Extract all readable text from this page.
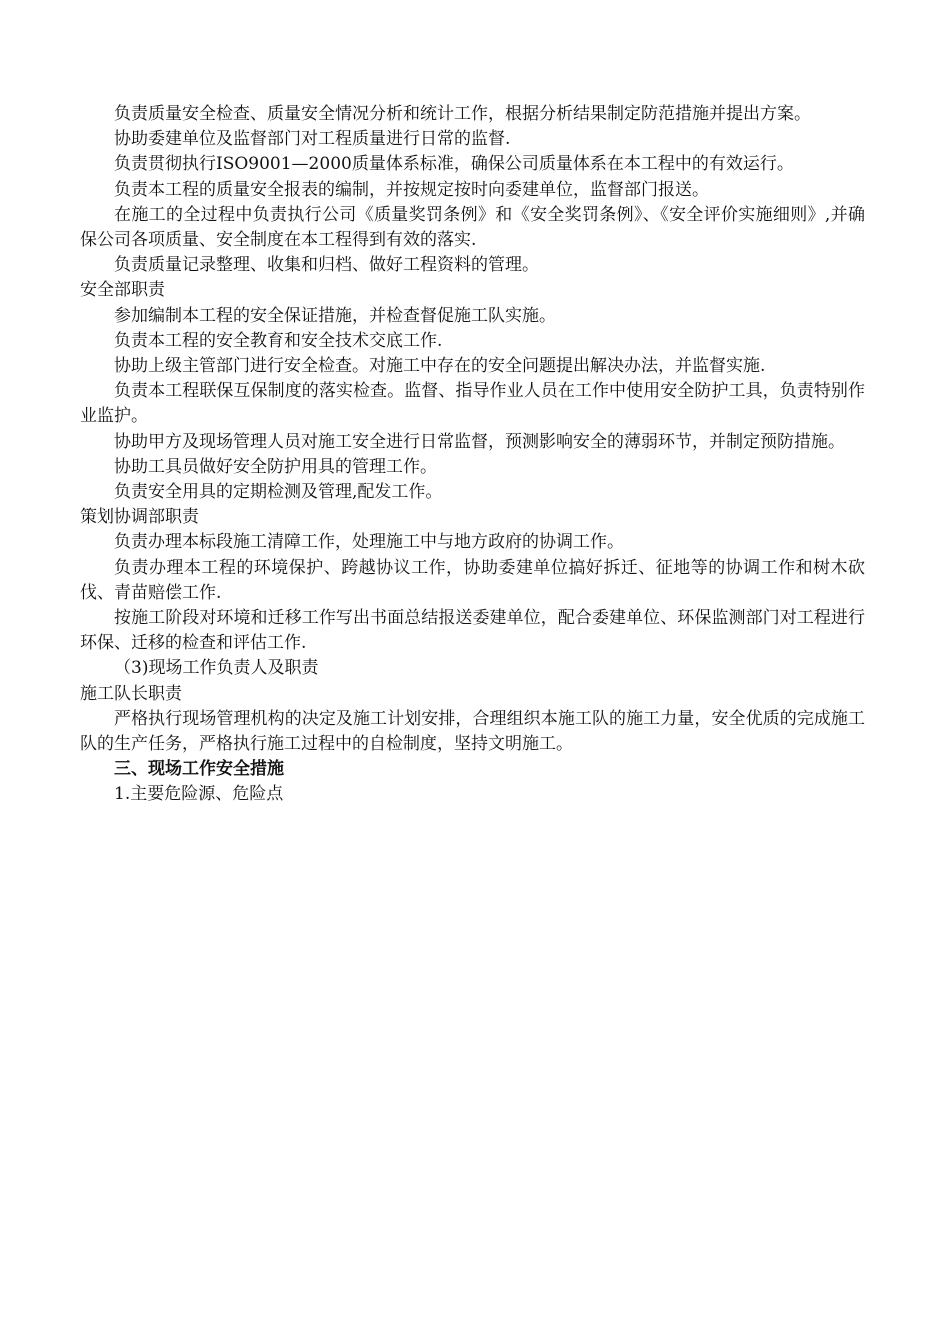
负责质量安全检查、质量安全情况分析和统计工作，根据分析结果制定防范措施并提出方案。

协助委建单位及监督部门对工程质量进行日常的监督.

负责贯彻执行ISO9001—2000质量体系标准，确保公司质量体系在本工程中的有效运行。

负责本工程的质量安全报表的编制，并按规定按时向委建单位，监督部门报送。

在施工的全过程中负责执行公司《质量奖罚条例》和《安全奖罚条例》、《安全评价实施细则》,并确保公司各项质量、安全制度在本工程得到有效的落实.

负责质量记录整理、收集和归档、做好工程资料的管理。

安全部职责

参加编制本工程的安全保证措施，并检查督促施工队实施。

负责本工程的安全教育和安全技术交底工作.

协助上级主管部门进行安全检查。对施工中存在的安全问题提出解决办法，并监督实施.

负责本工程联保互保制度的落实检查。监督、指导作业人员在工作中使用安全防护工具，负责特别作业监护。

协助甲方及现场管理人员对施工安全进行日常监督，预测影响安全的薄弱环节，并制定预防措施。

协助工具员做好安全防护用具的管理工作。

负责安全用具的定期检测及管理,配发工作。

策划协调部职责

负责办理本标段施工清障工作，处理施工中与地方政府的协调工作。

负责办理本工程的环境保护、跨越协议工作，协助委建单位搞好拆迁、征地等的协调工作和树木砍伐、青苗赔偿工作.

按施工阶段对环境和迁移工作写出书面总结报送委建单位，配合委建单位、环保监测部门对工程进行环保、迁移的检查和评估工作.

（3)现场工作负责人及职责

施工队长职责

严格执行现场管理机构的决定及施工计划安排，合理组织本施工队的施工力量，安全优质的完成施工队的生产任务，严格执行施工过程中的自检制度，坚持文明施工。

三、现场工作安全措施

1.主要危险源、危险点
